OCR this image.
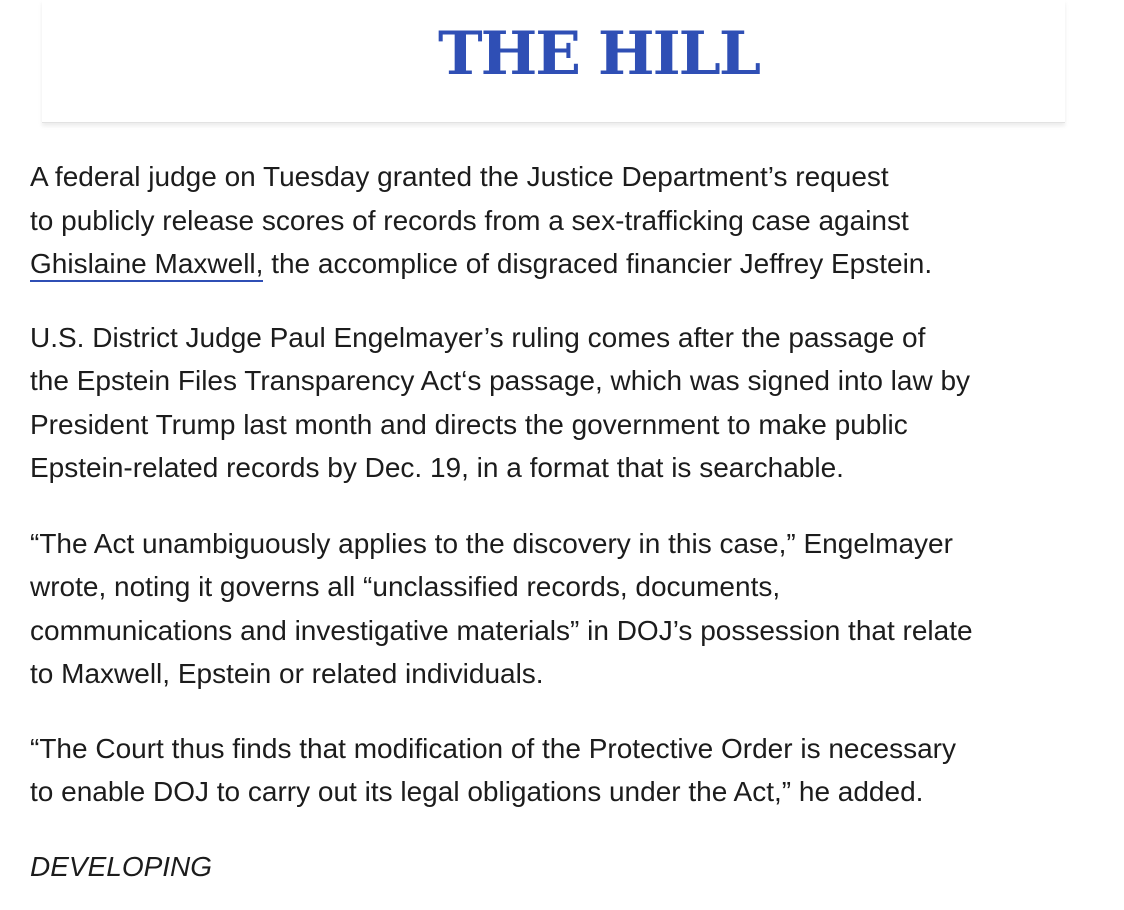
THE HILL

A federal judge on Tuesday granted the Justice Department’s request
to publicly release scores of records from a sex-trafficking case against
Ghislaine Maxwell, the accomplice of disgraced financier Jeffrey Epstein.

U.S. District Judge Paul Engelmayer’s ruling comes after the passage of
the Epstein Files Transparency Act‘s passage, which was signed into law by
President Trump last month and directs the government to make public
Epstein-related records by Dec. 19, in a format that is searchable.

“The Act unambiguously applies to the discovery in this case,” Engelmayer
wrote, noting it governs all “unclassified records, documents,
communications and investigative materials” in DOJ’s possession that relate
to Maxwell, Epstein or related individuals.

“The Court thus finds that modification of the Protective Order is necessary
to enable DOJ to carry out its legal obligations under the Act,” he added.

DEVELOPING
